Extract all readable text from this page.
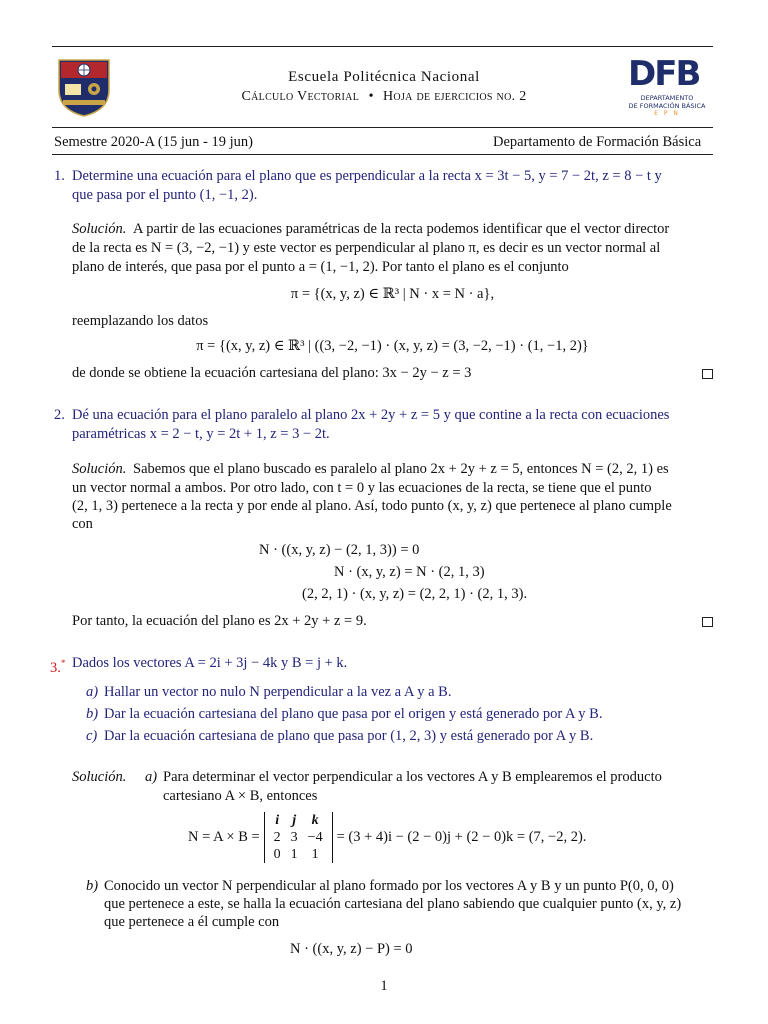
Escuela Politécnica Nacional
Cálculo Vectorial • Hoja de ejercicios no. 2
DFB
DEPARTAMENTO
DE FORMACIÓN BÁSICA
E P N
Semestre 2020-A (15 jun - 19 jun)	Departamento de Formación Básica
1. Determine una ecuación para el plano que es perpendicular a la recta x = 3t − 5, y = 7 − 2t, z = 8 − t y
que pasa por el punto (1, −1, 2).
Solución. A partir de las ecuaciones paramétricas de la recta podemos identificar que el vector director
de la recta es N = (3, −2, −1) y este vector es perpendicular al plano π, es decir es un vector normal al
plano de interés, que pasa por el punto a = (1, −1, 2). Por tanto el plano es el conjunto
π = {(x, y, z) ∈ ℝ³ | N · x = N · a},
reemplazando los datos
π = {(x, y, z) ∈ ℝ³ | ((3, −2, −1) · (x, y, z) = (3, −2, −1) · (1, −1, 2)}
de donde se obtiene la ecuación cartesiana del plano: 3x − 2y − z = 3
2. Dé una ecuación para el plano paralelo al plano 2x + 2y + z = 5 y que contine a la recta con ecuaciones
paramétricas x = 2 − t, y = 2t + 1, z = 3 − 2t.
Solución. Sabemos que el plano buscado es paralelo al plano 2x + 2y + z = 5, entonces N = (2, 2, 1) es
un vector normal a ambos. Por otro lado, con t = 0 y las ecuaciones de la recta, se tiene que el punto
(2, 1, 3) pertenece a la recta y por ende al plano. Así, todo punto (x, y, z) que pertenece al plano cumple
con
N · ((x, y, z) − (2, 1, 3)) = 0
N · (x, y, z) = N · (2, 1, 3)
(2, 2, 1) · (x, y, z) = (2, 2, 1) · (2, 1, 3).
Por tanto, la ecuación del plano es 2x + 2y + z = 9.
3.* Dados los vectores A = 2i + 3j − 4k y B = j + k.
a) Hallar un vector no nulo N perpendicular a la vez a A y a B.
b) Dar la ecuación cartesiana del plano que pasa por el origen y está generado por A y B.
c) Dar la ecuación cartesiana de plano que pasa por (1, 2, 3) y está generado por A y B.
Solución. a) Para determinar el vector perpendicular a los vectores A y B emplearemos el producto
cartesiano A × B, entonces
N = A × B =
i	j	k
2	3	−4
0	1	1
= (3 + 4)i − (2 − 0)j + (2 − 0)k = (7, −2, 2).
b) Conocido un vector N perpendicular al plano formado por los vectores A y B y un punto P(0, 0, 0)
que pertenece a este, se halla la ecuación cartesiana del plano sabiendo que cualquier punto (x, y, z)
que pertenece a él cumple con
N · ((x, y, z) − P) = 0
1
